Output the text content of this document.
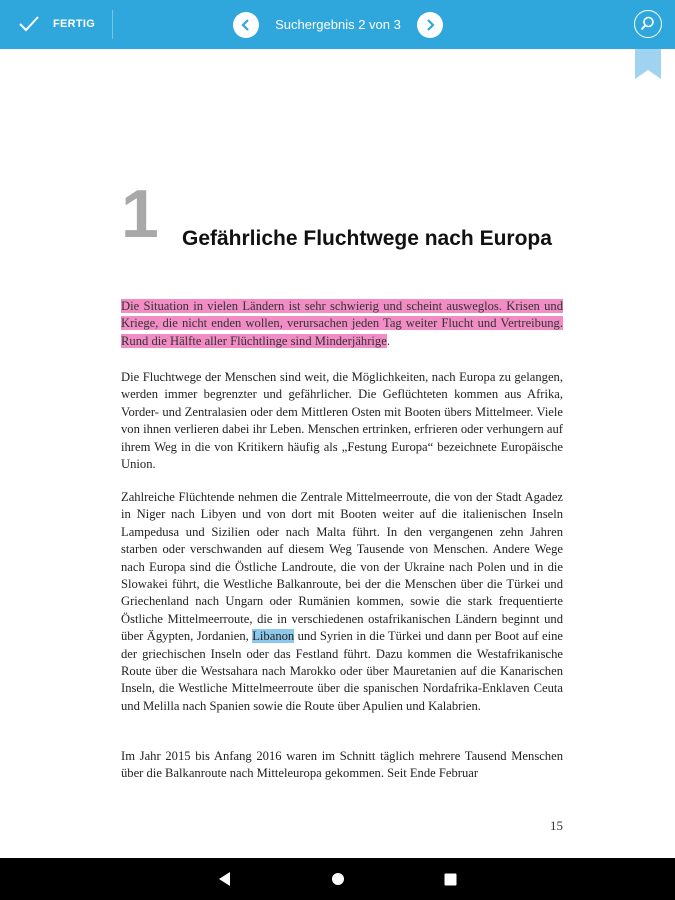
FERTIG	Suchergebnis 2 von 3
1	Gefährliche Fluchtwege nach Europa

Die Situation in vielen Ländern ist sehr schwierig und scheint ausweglos. Krisen und Kriege, die nicht enden wollen, verursachen jeden Tag weiter Flucht und Vertreibung. Rund die Hälfte aller Flüchtlinge sind Minderjährige.

Die Fluchtwege der Menschen sind weit, die Möglichkeiten, nach Europa zu gelangen, werden immer begrenzter und gefährlicher. Die Geflüchteten kommen aus Afrika, Vorder- und Zentralasien oder dem Mittleren Osten mit Booten übers Mittelmeer. Viele von ihnen verlieren dabei ihr Leben. Menschen ertrinken, erfrieren oder verhungern auf ihrem Weg in die von Kritikern häufig als „Festung Europa“ bezeichnete Europäische Union.

Zahlreiche Flüchtende nehmen die Zentrale Mittelmeerroute, die von der Stadt Agadez in Niger nach Libyen und von dort mit Booten weiter auf die italienischen Inseln Lampedusa und Sizilien oder nach Malta führt. In den vergangenen zehn Jahren starben oder verschwanden auf diesem Weg Tausende von Menschen. Andere Wege nach Europa sind die Östliche Landroute, die von der Ukraine nach Polen und in die Slowakei führt, die Westliche Balkanroute, bei der die Menschen über die Türkei und Griechenland nach Ungarn oder Rumänien kommen, sowie die stark frequentierte Östliche Mittelmeerroute, die in verschiedenen ostafrikanischen Ländern beginnt und über Ägypten, Jordanien, Libanon und Syrien in die Türkei und dann per Boot auf eine der griechischen Inseln oder das Festland führt. Dazu kommen die Westafrikanische Route über die Westsahara nach Marokko oder über Mauretanien auf die Kanarischen Inseln, die Westliche Mittelmeerroute über die spanischen Nordafrika-Enklaven Ceuta und Melilla nach Spanien sowie die Route über Apulien und Kalabrien.

Im Jahr 2015 bis Anfang 2016 waren im Schnitt täglich mehrere Tausend Menschen über die Balkanroute nach Mitteleuropa gekommen. Seit Ende Februar

15
